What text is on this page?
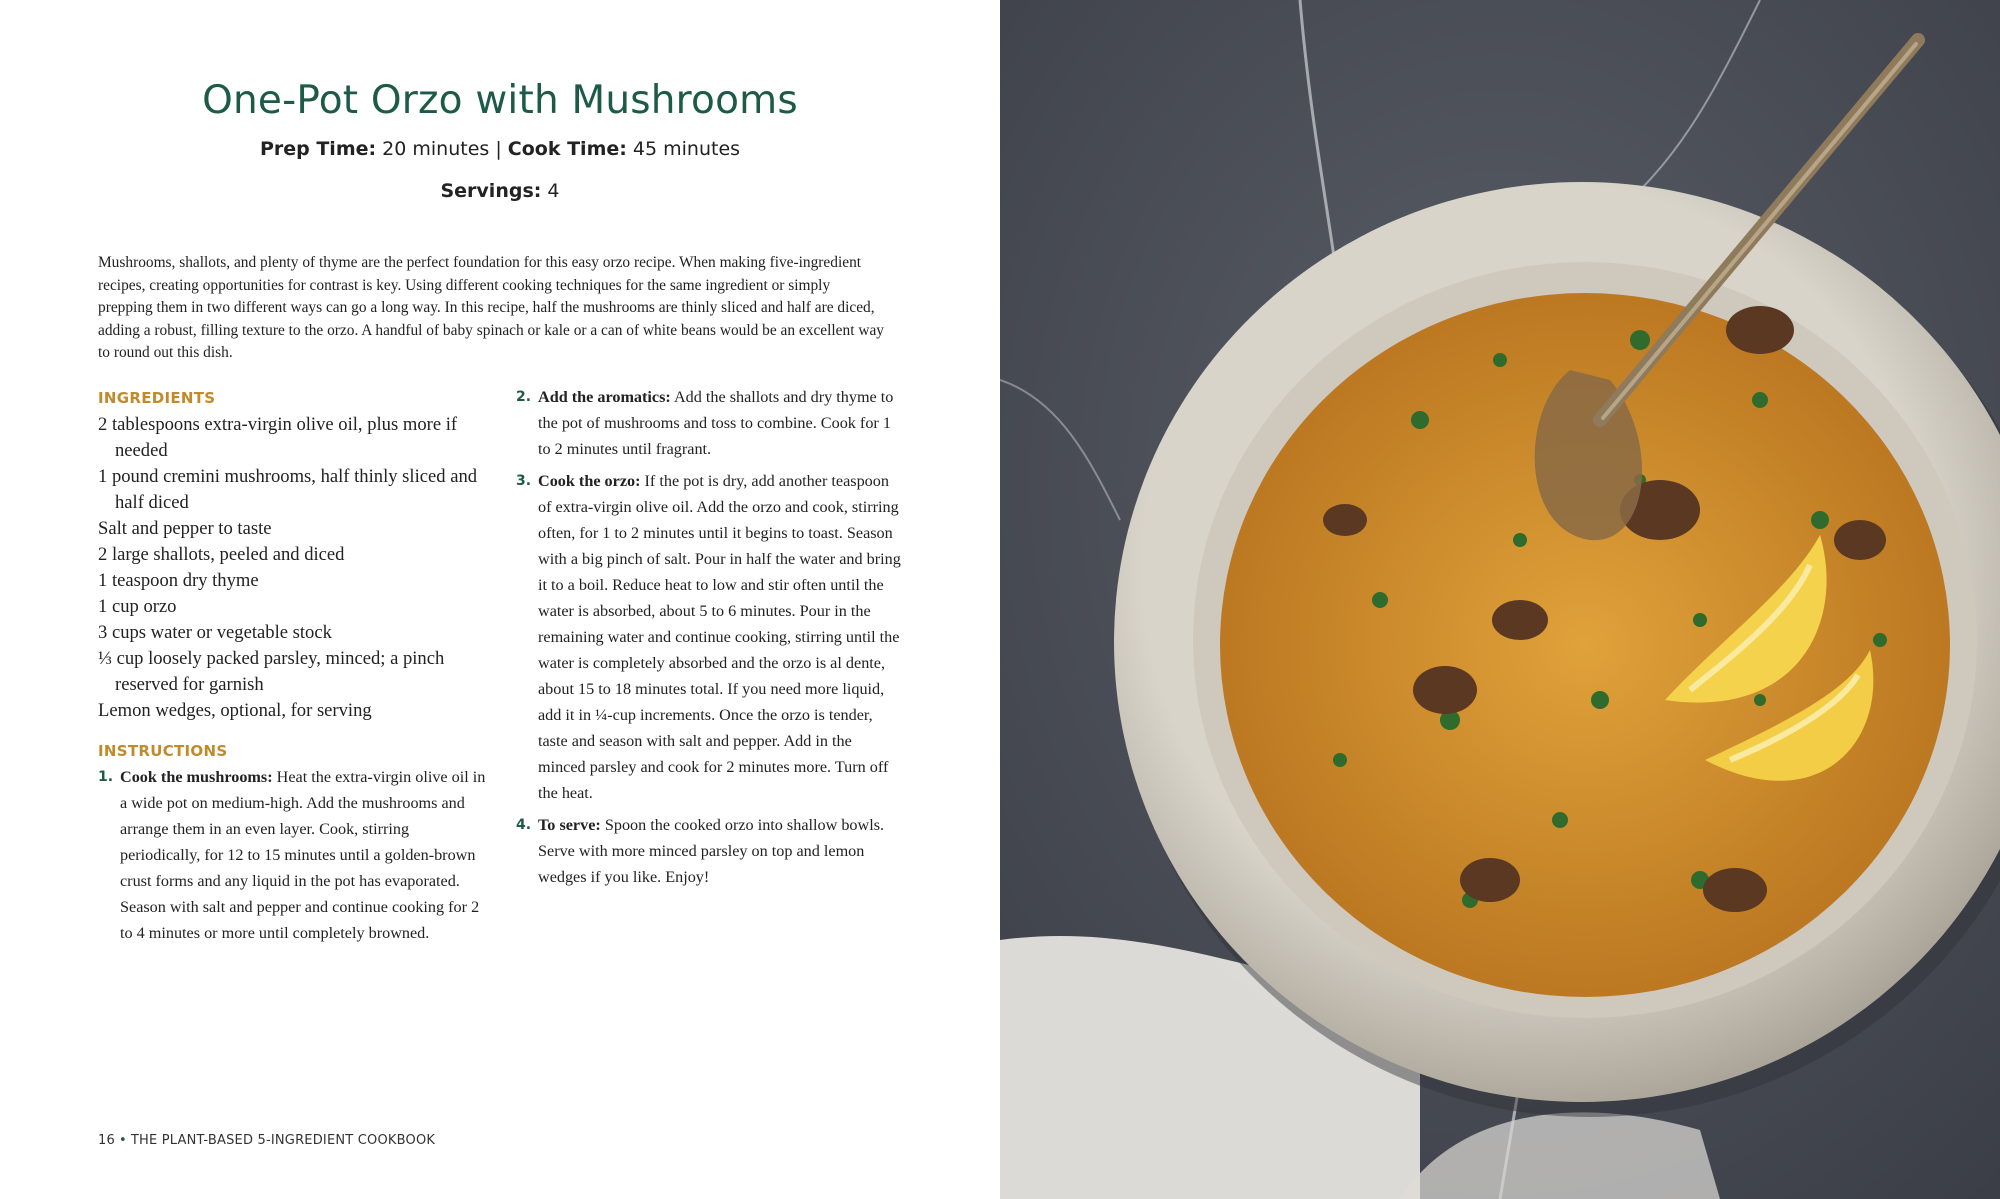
One-Pot Orzo with Mushrooms
Prep Time: 20 minutes | Cook Time: 45 minutes
Servings: 4

Mushrooms, shallots, and plenty of thyme are the perfect foundation for this easy orzo recipe. When making five-ingredient recipes, creating opportunities for contrast is key. Using different cooking techniques for the same ingredient or simply prepping them in two different ways can go a long way. In this recipe, half the mushrooms are thinly sliced and half are diced, adding a robust, filling texture to the orzo. A handful of baby spinach or kale or a can of white beans would be an excellent way to round out this dish.

INGREDIENTS
2 tablespoons extra-virgin olive oil, plus more if needed
1 pound cremini mushrooms, half thinly sliced and half diced
Salt and pepper to taste
2 large shallots, peeled and diced
1 teaspoon dry thyme
1 cup orzo
3 cups water or vegetable stock
⅓ cup loosely packed parsley, minced; a pinch reserved for garnish
Lemon wedges, optional, for serving
INSTRUCTIONS
1. Cook the mushrooms: Heat the extra-virgin olive oil in a wide pot on medium-high. Add the mushrooms and arrange them in an even layer. Cook, stirring periodically, for 12 to 15 minutes until a golden-brown crust forms and any liquid in the pot has evaporated. Season with salt and pepper and continue cooking for 2 to 4 minutes or more until completely browned.
2. Add the aromatics: Add the shallots and dry thyme to the pot of mushrooms and toss to combine. Cook for 1 to 2 minutes until fragrant.
3. Cook the orzo: If the pot is dry, add another teaspoon of extra-virgin olive oil. Add the orzo and cook, stirring often, for 1 to 2 minutes until it begins to toast. Season with a big pinch of salt. Pour in half the water and bring it to a boil. Reduce heat to low and stir often until the water is absorbed, about 5 to 6 minutes. Pour in the remaining water and continue cooking, stirring until the water is completely absorbed and the orzo is al dente, about 15 to 18 minutes total. If you need more liquid, add it in ¼-cup increments. Once the orzo is tender, taste and season with salt and pepper. Add in the minced parsley and cook for 2 minutes more. Turn off the heat.
4. To serve: Spoon the cooked orzo into shallow bowls. Serve with more minced parsley on top and lemon wedges if you like. Enjoy!
16 • THE PLANT-BASED 5-INGREDIENT COOKBOOK
